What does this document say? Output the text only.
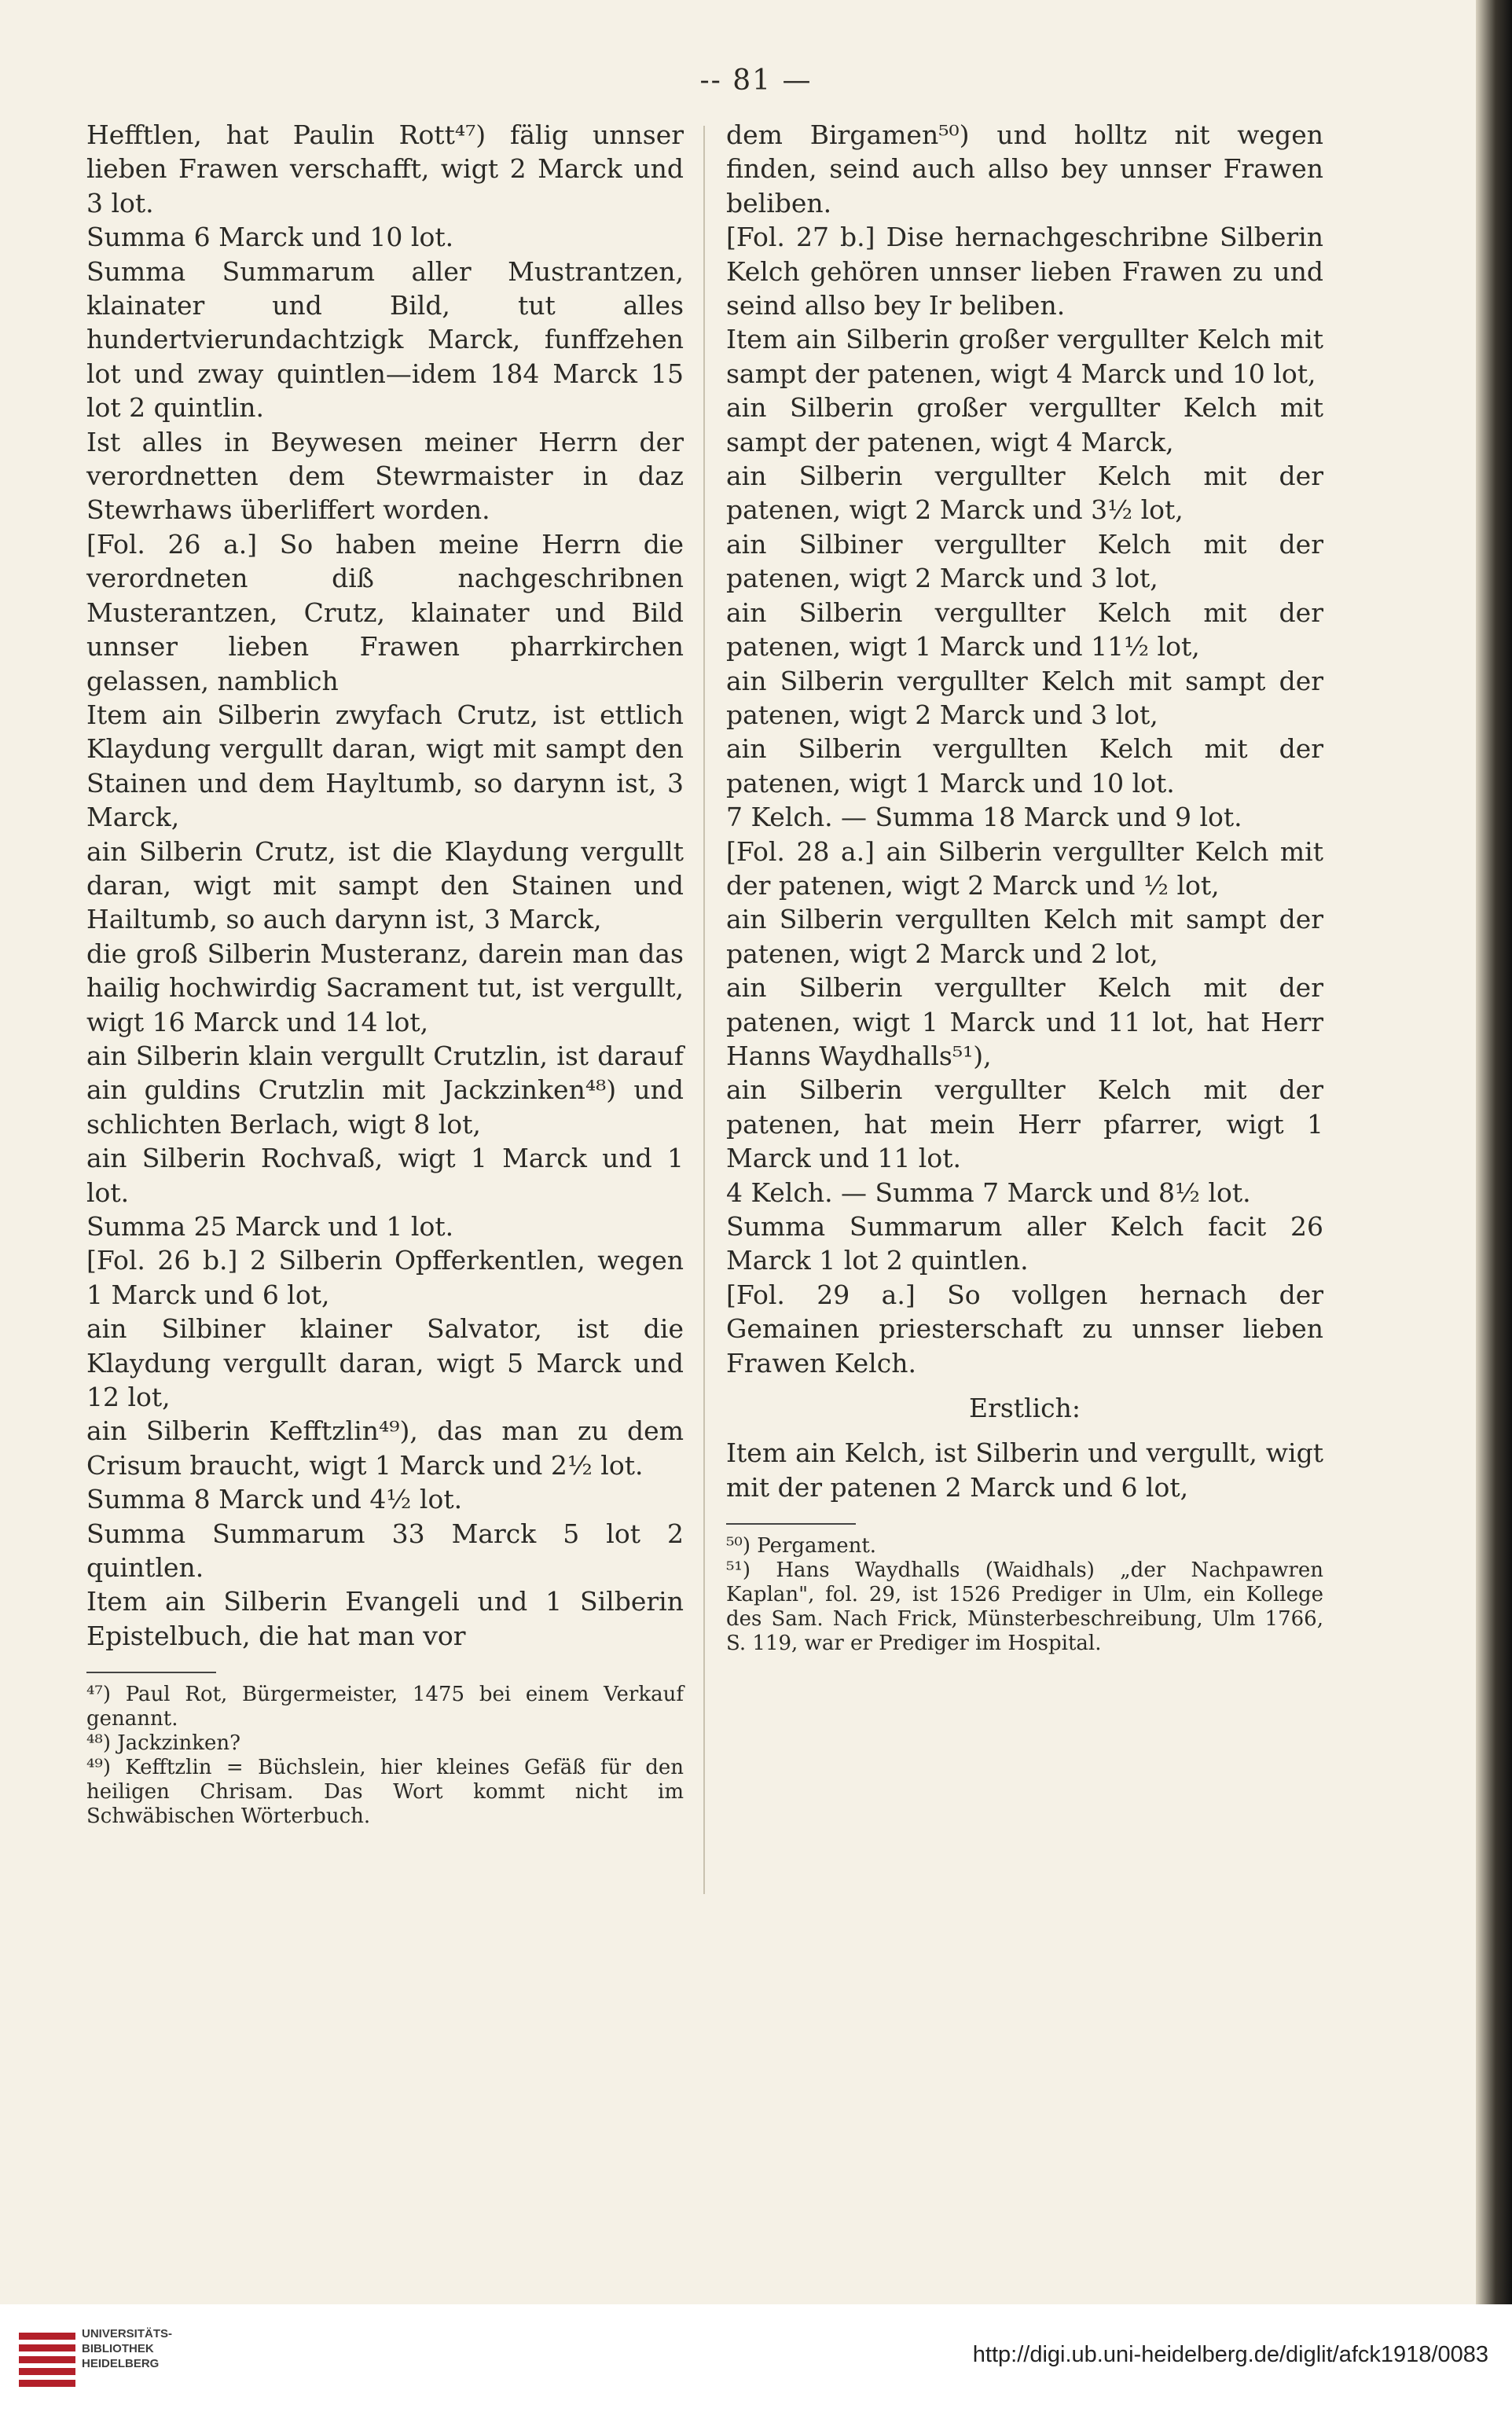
-- 81 —

Hefftlen, hat Paulin Rott⁴⁷) fälig unnser lieben Frawen verschafft, wigt 2 Marck und 3 lot.

Summa 6 Marck und 10 lot.

Summa Summarum aller Mustrantzen, klainater und Bild, tut alles hundertvierundachtzigk Marck, funffzehen lot und zway quintlen—idem 184 Marck 15 lot 2 quintlin.

Ist alles in Beywesen meiner Herrn der verordnetten dem Stewrmaister in daz Stewrhaws überliffert worden.

[Fol. 26 a.] So haben meine Herrn die verordneten diß nachgeschribnen Musterantzen, Crutz, klainater und Bild unnser lieben Frawen pharrkirchen gelassen, namblich

Item ain Silberin zwyfach Crutz, ist ettlich Klaydung vergullt daran, wigt mit sampt den Stainen und dem Hayltumb, so darynn ist, 3 Marck,

ain Silberin Crutz, ist die Klaydung vergullt daran, wigt mit sampt den Stainen und Hailtumb, so auch darynn ist, 3 Marck,

die groß Silberin Musteranz, darein man das hailig hochwirdig Sacrament tut, ist vergullt, wigt 16 Marck und 14 lot,

ain Silberin klain vergullt Crutzlin, ist darauf ain guldins Crutzlin mit Jackzinken⁴⁸) und schlichten Berlach, wigt 8 lot,

ain Silberin Rochvaß, wigt 1 Marck und 1 lot.

Summa 25 Marck und 1 lot.

[Fol. 26 b.] 2 Silberin Opfferkentlen, wegen 1 Marck und 6 lot,

ain Silbiner klainer Salvator, ist die Klaydung vergullt daran, wigt 5 Marck und 12 lot,

ain Silberin Kefftzlin⁴⁹), das man zu dem Crisum braucht, wigt 1 Marck und 2½ lot.

Summa 8 Marck und 4½ lot.

Summa Summarum 33 Marck 5 lot 2 quintlen.

Item ain Silberin Evangeli und 1 Silberin Epistelbuch, die hat man vor

⁴⁷) Paul Rot, Bürgermeister, 1475 bei einem Verkauf genannt.

⁴⁸) Jackzinken?

⁴⁹) Kefftzlin = Büchslein, hier kleines Gefäß für den heiligen Chrisam. Das Wort kommt nicht im Schwäbischen Wörterbuch.

dem Birgamen⁵⁰) und holltz nit wegen finden, seind auch allso bey unnser Frawen beliben.

[Fol. 27 b.] Dise hernachgeschribne Silberin Kelch gehören unnser lieben Frawen zu und seind allso bey Ir beliben.

Item ain Silberin großer vergullter Kelch mit sampt der patenen, wigt 4 Marck und 10 lot,

ain Silberin großer vergullter Kelch mit sampt der patenen, wigt 4 Marck,

ain Silberin vergullter Kelch mit der patenen, wigt 2 Marck und 3½ lot,

ain Silbiner vergullter Kelch mit der patenen, wigt 2 Marck und 3 lot,

ain Silberin vergullter Kelch mit der patenen, wigt 1 Marck und 11½ lot,

ain Silberin vergullter Kelch mit sampt der patenen, wigt 2 Marck und 3 lot,

ain Silberin vergullten Kelch mit der patenen, wigt 1 Marck und 10 lot.

7 Kelch. — Summa 18 Marck und 9 lot.

[Fol. 28 a.] ain Silberin vergullter Kelch mit der patenen, wigt 2 Marck und ½ lot,

ain Silberin vergullten Kelch mit sampt der patenen, wigt 2 Marck und 2 lot,

ain Silberin vergullter Kelch mit der patenen, wigt 1 Marck und 11 lot, hat Herr Hanns Waydhalls⁵¹),

ain Silberin vergullter Kelch mit der patenen, hat mein Herr pfarrer, wigt 1 Marck und 11 lot.

4 Kelch. — Summa 7 Marck und 8½ lot.

Summa Summarum aller Kelch facit 26 Marck 1 lot 2 quintlen.

[Fol. 29 a.] So vollgen hernach der Gemainen priesterschaft zu unnser lieben Frawen Kelch.

Erstlich:

Item ain Kelch, ist Silberin und vergullt, wigt mit der patenen 2 Marck und 6 lot,

⁵⁰) Pergament.

⁵¹) Hans Waydhalls (Waidhals) „der Nachpawren Kaplan", fol. 29, ist 1526 Prediger in Ulm, ein Kollege des Sam. Nach Frick, Münsterbeschreibung, Ulm 1766, S. 119, war er Prediger im Hospital.

UNIVERSITÄTS-
BIBLIOTHEK
HEIDELBERG	http://digi.ub.uni-heidelberg.de/diglit/afck1918/0083
